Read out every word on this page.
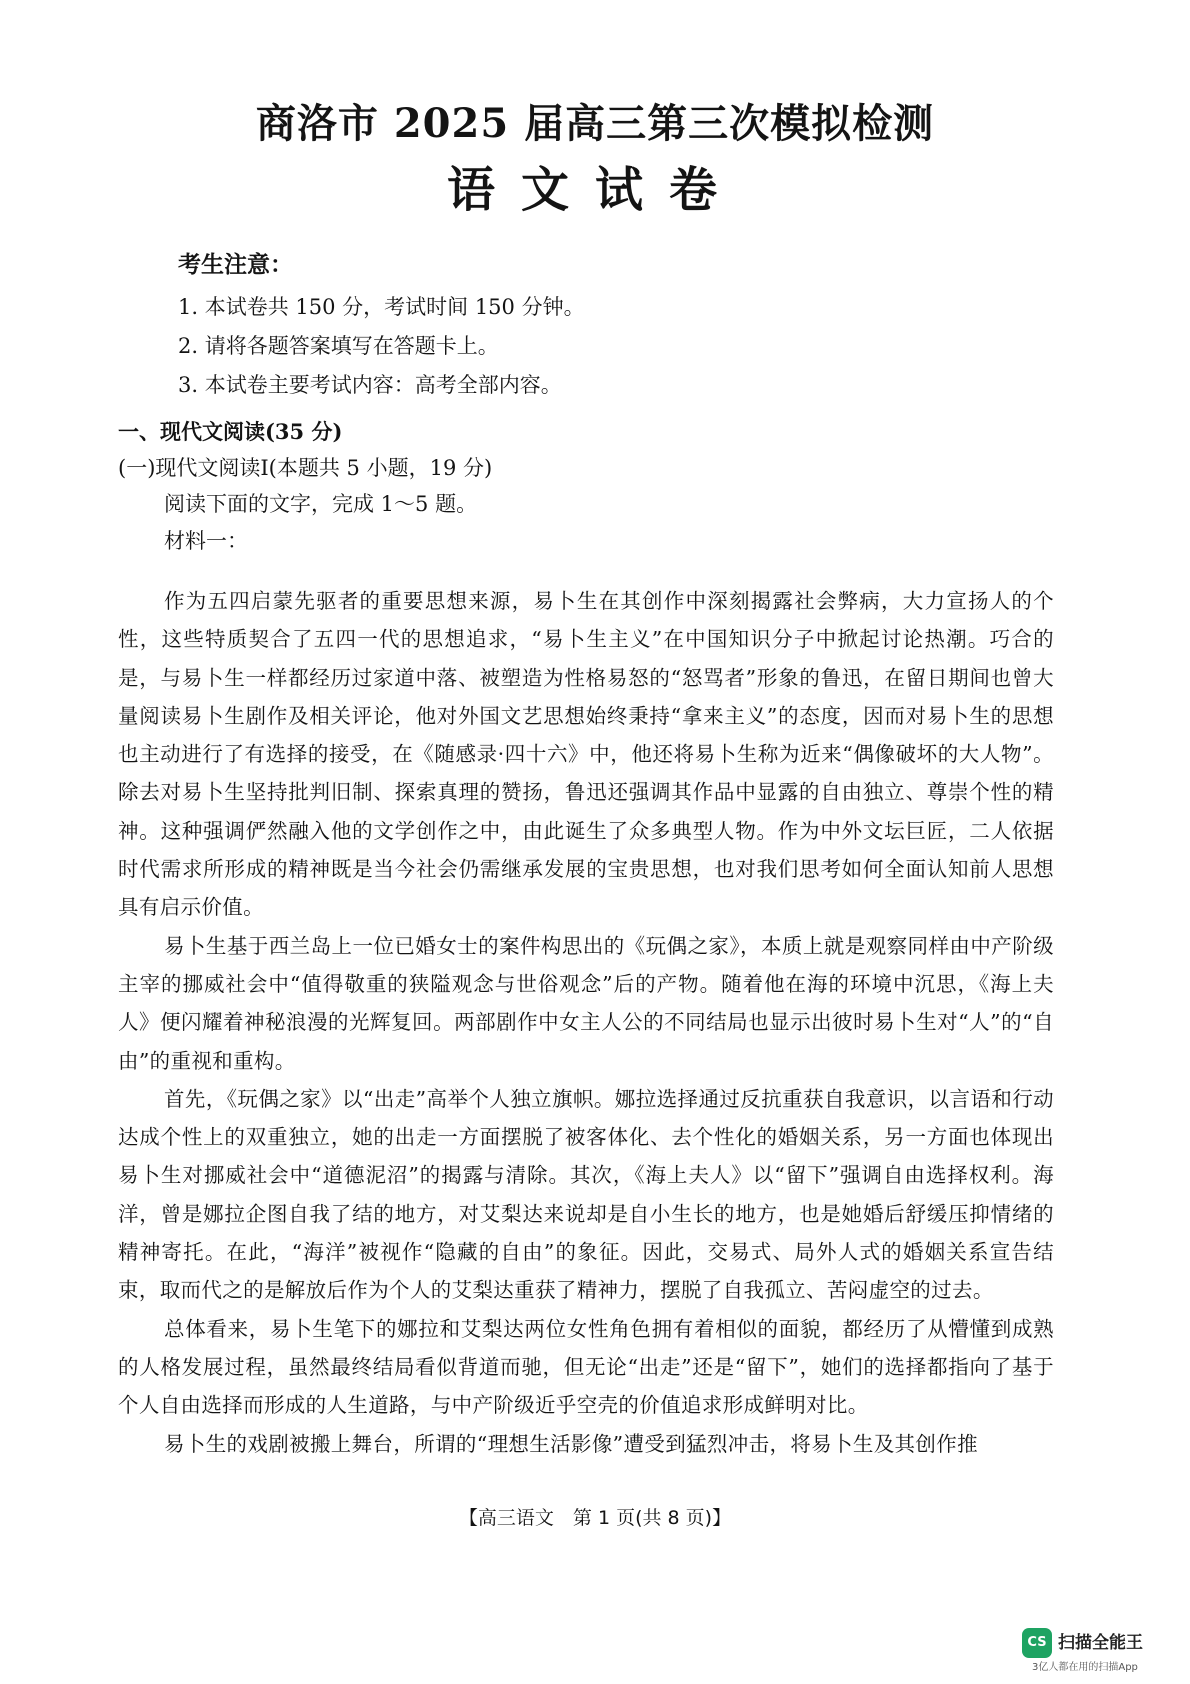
商洛市 2025 届高三第三次模拟检测
语文试卷
考生注意：
1. 本试卷共 150 分，考试时间 150 分钟。
2. 请将各题答案填写在答题卡上。
3. 本试卷主要考试内容：高考全部内容。
一、现代文阅读(35 分)
(一)现代文阅读Ⅰ(本题共 5 小题，19 分)
阅读下面的文字，完成 1～5 题。
材料一：

作为五四启蒙先驱者的重要思想来源，易卜生在其创作中深刻揭露社会弊病，大力宣扬人的个性，这些特质契合了五四一代的思想追求，“易卜生主义”在中国知识分子中掀起讨论热潮。巧合的是，与易卜生一样都经历过家道中落、被塑造为性格易怒的“怒骂者”形象的鲁迅，在留日期间也曾大量阅读易卜生剧作及相关评论，他对外国文艺思想始终秉持“拿来主义”的态度，因而对易卜生的思想也主动进行了有选择的接受，在《随感录·四十六》中，他还将易卜生称为近来“偶像破坏的大人物”。除去对易卜生坚持批判旧制、探索真理的赞扬，鲁迅还强调其作品中显露的自由独立、尊崇个性的精神。这种强调俨然融入他的文学创作之中，由此诞生了众多典型人物。作为中外文坛巨匠，二人依据时代需求所形成的精神既是当今社会仍需继承发展的宝贵思想，也对我们思考如何全面认知前人思想具有启示价值。

易卜生基于西兰岛上一位已婚女士的案件构思出的《玩偶之家》，本质上就是观察同样由中产阶级主宰的挪威社会中“值得敬重的狭隘观念与世俗观念”后的产物。随着他在海的环境中沉思，《海上夫人》便闪耀着神秘浪漫的光辉复回。两部剧作中女主人公的不同结局也显示出彼时易卜生对“人”的“自由”的重视和重构。

首先，《玩偶之家》以“出走”高举个人独立旗帜。娜拉选择通过反抗重获自我意识，以言语和行动达成个性上的双重独立，她的出走一方面摆脱了被客体化、去个性化的婚姻关系，另一方面也体现出易卜生对挪威社会中“道德泥沼”的揭露与清除。其次，《海上夫人》以“留下”强调自由选择权利。海洋，曾是娜拉企图自我了结的地方，对艾梨达来说却是自小生长的地方，也是她婚后舒缓压抑情绪的精神寄托。在此，“海洋”被视作“隐藏的自由”的象征。因此，交易式、局外人式的婚姻关系宣告结束，取而代之的是解放后作为个人的艾梨达重获了精神力，摆脱了自我孤立、苦闷虚空的过去。

总体看来，易卜生笔下的娜拉和艾梨达两位女性角色拥有着相似的面貌，都经历了从懵懂到成熟的人格发展过程，虽然最终结局看似背道而驰，但无论“出走”还是“留下”，她们的选择都指向了基于个人自由选择而形成的人生道路，与中产阶级近乎空壳的价值追求形成鲜明对比。

易卜生的戏剧被搬上舞台，所谓的“理想生活影像”遭受到猛烈冲击，将易卜生及其创作推

【高三语文　第 1 页(共 8 页)】
CS 扫描全能王
3亿人都在用的扫描App
